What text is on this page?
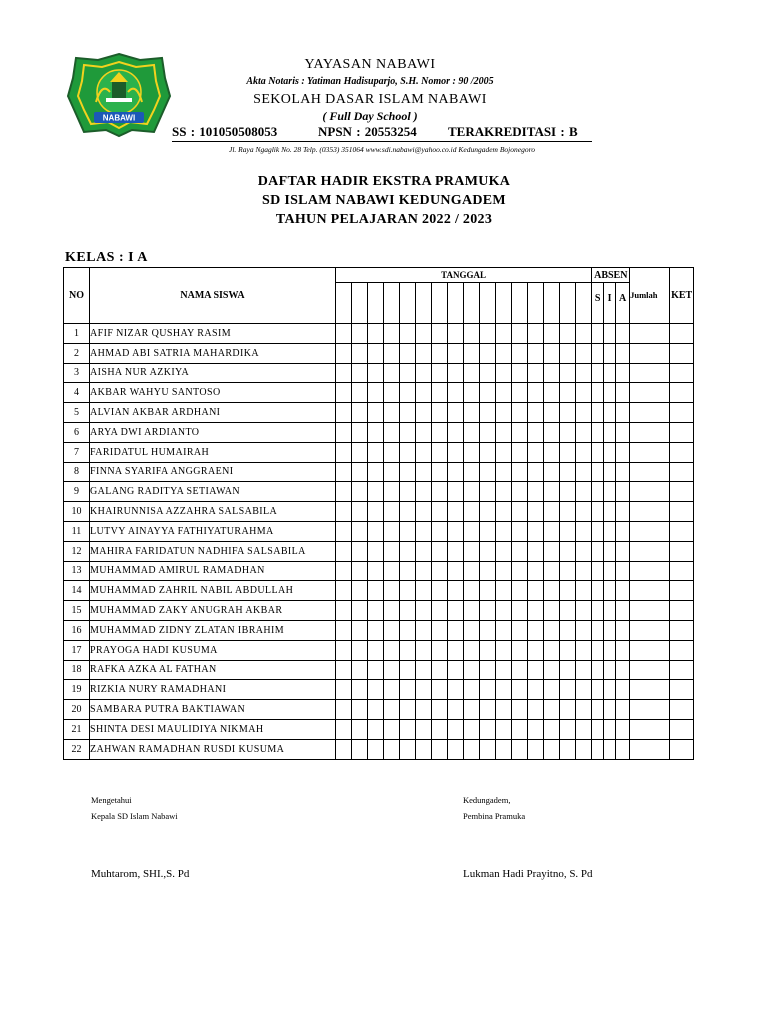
NABAWI
YAYASAN NABAWI
Akta Notaris : Yatiman Hadisuparjo, S.H. Nomor : 90 /2005
SEKOLAH DASAR ISLAM NABAWI
( Full Day School )
SS : 101050508053	NPSN : 20553254 TERAKREDITASI : B
Jl. Raya Ngaglik No. 28 Telp. (0353) 351064 www.sdi.nabawi@yahoo.co.id Kedungadem Bojonegoro
DAFTAR HADIR EKSTRA PRAMUKA
SD ISLAM NABAWI KEDUNGADEM
TAHUN PELAJARAN 2022 / 2023
KELAS : I A
NO	NAMA SISWA	TANGGAL																ABSEN			Jumlah	KET
																		S	I	A		
1	AFIF NIZAR QUSHAY RASIM																					
2	AHMAD ABI SATRIA MAHARDIKA																					
3	AISHA NUR AZKIYA																					
4	AKBAR WAHYU SANTOSO																					
5	ALVIAN AKBAR ARDHANI																					
6	ARYA DWI ARDIANTO																					
7	FARIDATUL HUMAIRAH																					
8	FINNA SYARIFA ANGGRAENI																					
9	GALANG RADITYA SETIAWAN																					
10	KHAIRUNNISA AZZAHRA SALSABILA																					
11	LUTVY AINAYYA FATHIYATURAHMA																					
12	MAHIRA FARIDATUN NADHIFA SALSABILA																					
13	MUHAMMAD AMIRUL RAMADHAN																					
14	MUHAMMAD ZAHRIL NABIL ABDULLAH																					
15	MUHAMMAD ZAKY ANUGRAH AKBAR																					
16	MUHAMMAD ZIDNY ZLATAN IBRAHIM																					
17	PRAYOGA HADI KUSUMA																					
18	RAFKA AZKA AL FATHAN																					
19	RIZKIA NURY RAMADHANI																					
20	SAMBARA PUTRA BAKTIAWAN																					
21	SHINTA DESI MAULIDIYA NIKMAH																					
22	ZAHWAN RAMADHAN RUSDI KUSUMA																					
Mengetahui
Kepala SD Islam Nabawi
Muhtarom, SHI.,S. Pd
Kedungadem,
Pembina Pramuka
Lukman Hadi Prayitno, S. Pd
